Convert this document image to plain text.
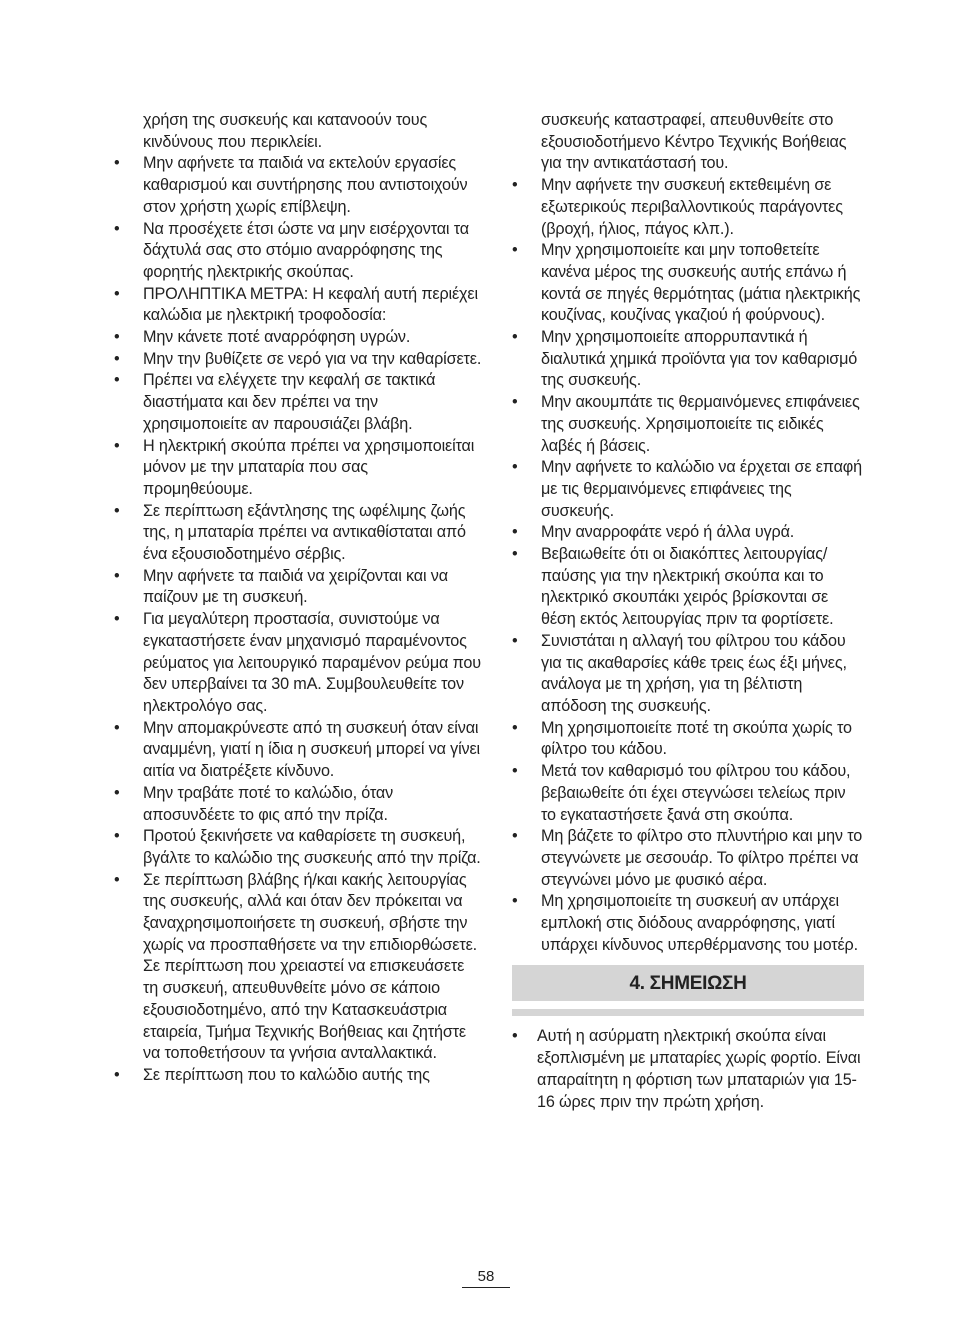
χρήση της συσκευής και κατανοούν τους κινδύνους που περικλείει.

•	Μην αφήνετε τα παιδιά να εκτελούν εργασίες καθαρισμού και συντήρησης που αντιστοιχούν στον χρήστη χωρίς επίβλεψη.
•	Να προσέχετε έτσι ώστε να μην εισέρχονται τα δάχτυλά σας στο στόμιο αναρρόφησης της φορητής ηλεκτρικής σκούπας.
•	ΠΡΟΛΗΠΤΙΚΑ ΜΕΤΡΑ: Η κεφαλή αυτή περιέχει καλώδια με ηλεκτρική τροφοδοσία:
•	Μην κάνετε ποτέ αναρρόφηση υγρών.
•	Μην την βυθίζετε σε νερό για να την καθαρίσετε.
•	Πρέπει να ελέγχετε την κεφαλή σε τακτικά διαστήματα και δεν πρέπει να την χρησιμοποιείτε αν παρουσιάζει βλάβη.
•	Η ηλεκτρική σκούπα πρέπει να χρησιμοποιείται μόνον με την μπαταρία που σας προμηθεύουμε.
•	Σε περίπτωση εξάντλησης της ωφέλιμης ζωής της, η μπαταρία πρέπει να αντικαθίσταται από ένα εξουσιοδοτημένο σέρβις.
•	Μην αφήνετε τα παιδιά να χειρίζονται και να παίζουν με τη συσκευή.
•	Για μεγαλύτερη προστασία, συνιστούμε να εγκαταστήσετε έναν μηχανισμό παραμένοντος ρεύματος για λειτουργικό παραμένον ρεύμα που δεν υπερβαίνει τα 30 mA. Συμβουλευθείτε τον ηλεκτρολόγο σας.
•	Μην απομακρύνεστε από τη συσκευή όταν είναι αναμμένη, γιατί η ίδια η συσκευή μπορεί να γίνει αιτία να διατρέξετε κίνδυνο.
•	Μην τραβάτε ποτέ το καλώδιο, όταν αποσυνδέετε το φις από την πρίζα.
•	Προτού ξεκινήσετε να καθαρίσετε τη συσκευή, βγάλτε το καλώδιο της συσκευής από την πρίζα.
•	Σε περίπτωση βλάβης ή/και κακής λειτουργίας της συσκευής, αλλά και όταν δεν πρόκειται να ξαναχρησιμοποιήσετε τη συσκευή, σβήστε την χωρίς να προσπαθήσετε να την επιδιορθώσετε. Σε περίπτωση που χρειαστεί να επισκευάσετε τη συσκευή, απευθυνθείτε μόνο σε κάποιο εξουσιοδοτημένο, από την Κατασκευάστρια εταιρεία, Τμήμα Τεχνικής Βοήθειας και ζητήστε να τοποθετήσουν τα γνήσια ανταλλακτικά.
•	Σε περίπτωση που το καλώδιο αυτής της

συσκευής καταστραφεί, απευθυνθείτε στο εξουσιοδοτήμενο Κέντρο Τεχνικής Βοήθειας για την αντικατάστασή του.

•	Μην αφήνετε την συσκευή εκτεθειμένη σε εξωτερικούς περιβαλλοντικούς παράγοντες (βροχή, ήλιος, πάγος κλπ.).
•	Μην χρησιμοποιείτε και μην τοποθετείτε κανένα μέρος της συσκευής αυτής επάνω ή κοντά σε πηγές θερμότητας (μάτια ηλεκτρικής κουζίνας, κουζίνας γκαζιού ή φούρνους).
•	Μην χρησιμοποιείτε απορρυπαντικά ή διαλυτικά χημικά προϊόντα για τον καθαρισμό της συσκευής.
•	Μην ακουμπάτε τις θερμαινόμενες επιφάνειες της συσκευής. Χρησιμοποιείτε τις ειδικές λαβές ή βάσεις.
•	Μην αφήνετε το καλώδιο να έρχεται σε επαφή με τις θερμαινόμενες επιφάνειες της συσκευής.
•	Μην αναρροφάτε νερό ή άλλα υγρά.
•	Βεβαιωθείτε ότι οι διακόπτες λειτουργίας/παύσης για την ηλεκτρική σκούπα και το ηλεκτρικό σκουπάκι χειρός βρίσκονται σε θέση εκτός λειτουργίας πριν τα φορτίσετε.
•	Συνιστάται η αλλαγή του φίλτρου του κάδου για τις ακαθαρσίες κάθε τρεις έως έξι μήνες, ανάλογα με τη χρήση, για τη βέλτιστη απόδοση της συσκευής.
•	Μη χρησιμοποιείτε ποτέ τη σκούπα χωρίς το φίλτρο του κάδου.
•	Μετά τον καθαρισμό του φίλτρου του κάδου, βεβαιωθείτε ότι έχει στεγνώσει τελείως πριν το εγκαταστήσετε ξανά στη σκούπα.
•	Μη βάζετε το φίλτρο στο πλυντήριο και μην το στεγνώνετε με σεσουάρ. Το φίλτρο πρέπει να στεγνώνει μόνο με φυσικό αέρα.
•	Μη χρησιμοποιείτε τη συσκευή αν υπάρχει εμπλοκή στις διόδους αναρρόφησης, γιατί υπάρχει κίνδυνος υπερθέρμανσης του μοτέρ.
4. ΣΗΜΕΙΩΣΗ
•	Αυτή η ασύρματη ηλεκτρική σκούπα είναι εξοπλισμένη με μπαταρίες χωρίς φορτίο. Είναι απαραίτητη η φόρτιση των μπαταριών για 15-16 ώρες πριν την πρώτη χρήση.
58
